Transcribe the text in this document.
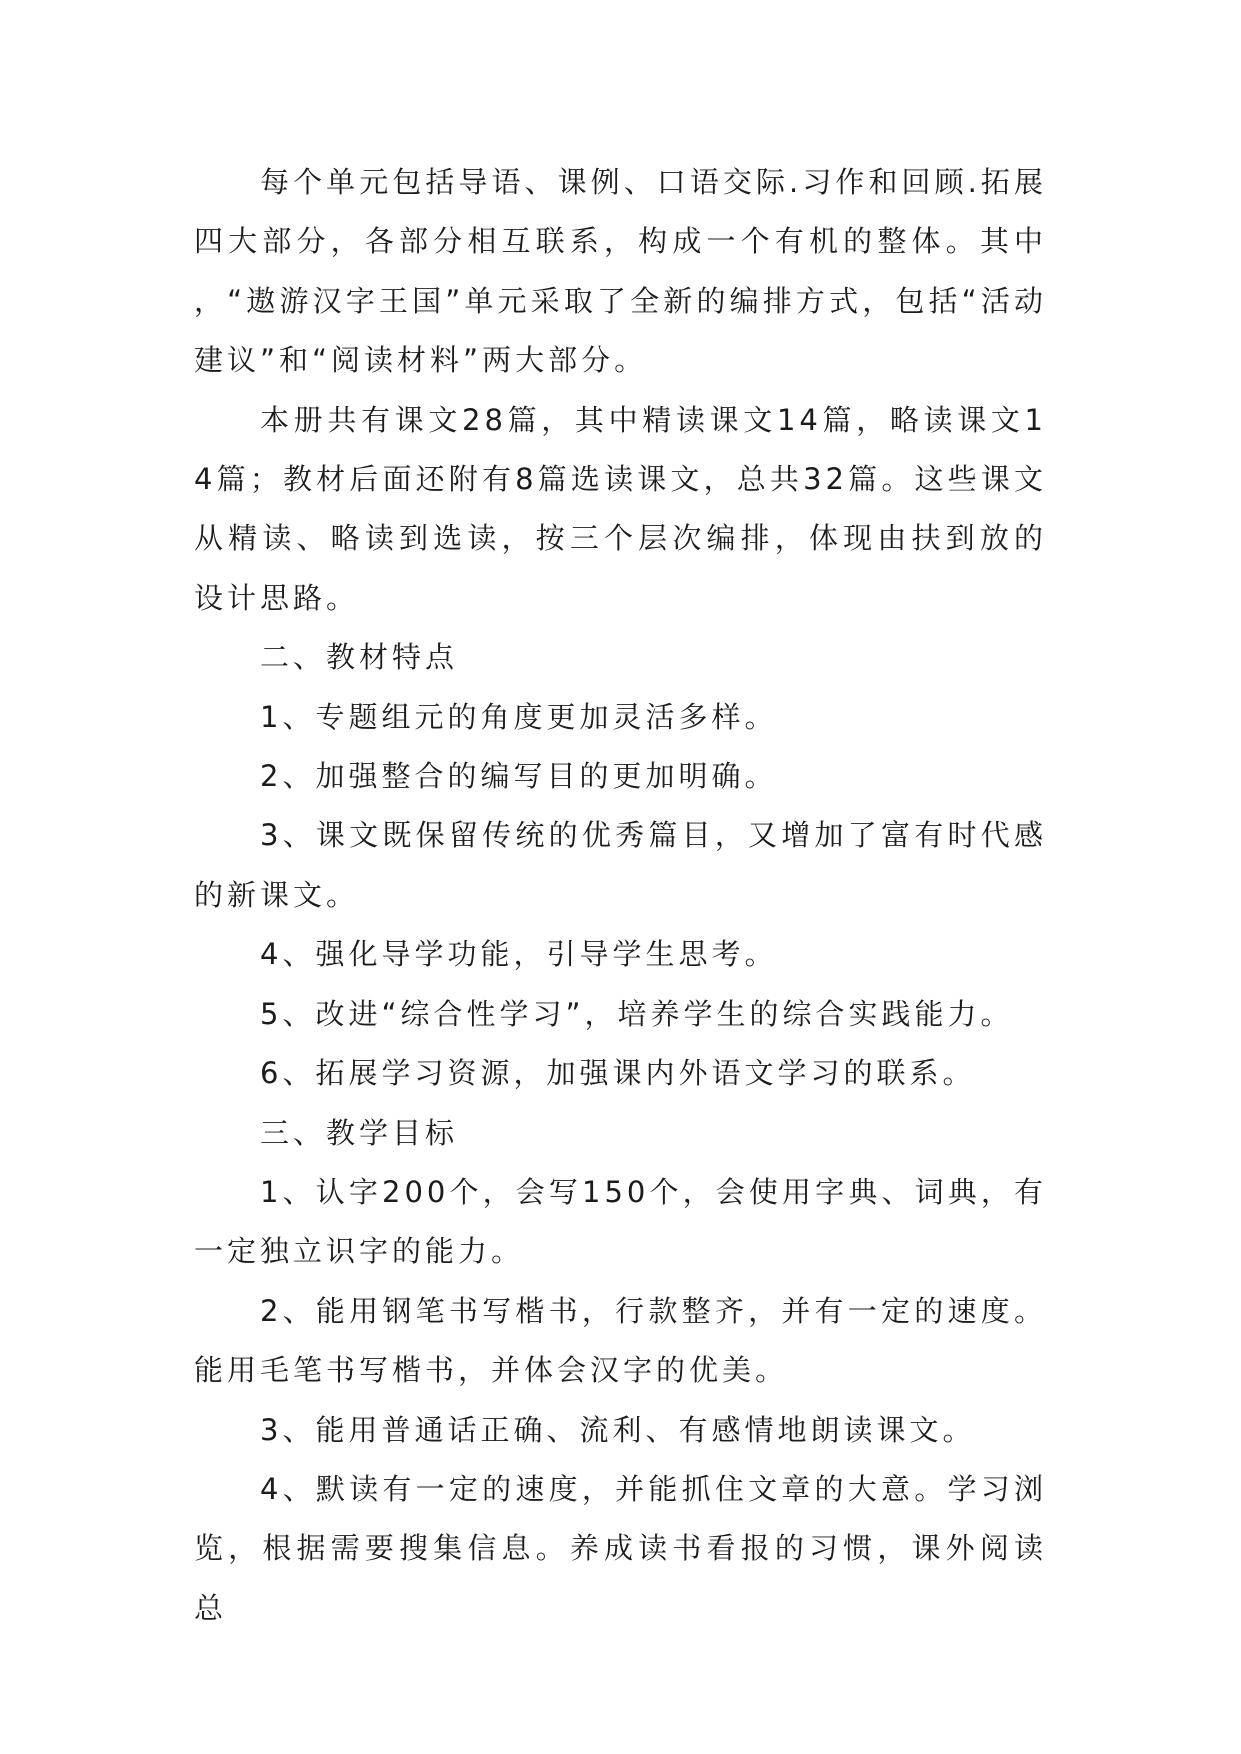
每个单元包括导语、课例、口语交际.习作和回顾.拓展四大部分，各部分相互联系，构成一个有机的整体。其中，“遨游汉字王国”单元采取了全新的编排方式，包括“活动建议”和“阅读材料”两大部分。

本册共有课文28篇，其中精读课文14篇，略读课文14篇；教材后面还附有8篇选读课文，总共32篇。这些课文从精读、略读到选读，按三个层次编排，体现由扶到放的设计思路。

二、教材特点

1、专题组元的角度更加灵活多样。

2、加强整合的编写目的更加明确。

3、课文既保留传统的优秀篇目，又增加了富有时代感的新课文。

4、强化导学功能，引导学生思考。

5、改进“综合性学习”，培养学生的综合实践能力。

6、拓展学习资源，加强课内外语文学习的联系。

三、教学目标

1、认字200个，会写150个，会使用字典、词典，有一定独立识字的能力。

2、能用钢笔书写楷书，行款整齐，并有一定的速度。能用毛笔书写楷书，并体会汉字的优美。

3、能用普通话正确、流利、有感情地朗读课文。

4、默读有一定的速度，并能抓住文章的大意。学习浏览，根据需要搜集信息。养成读书看报的习惯，课外阅读总
